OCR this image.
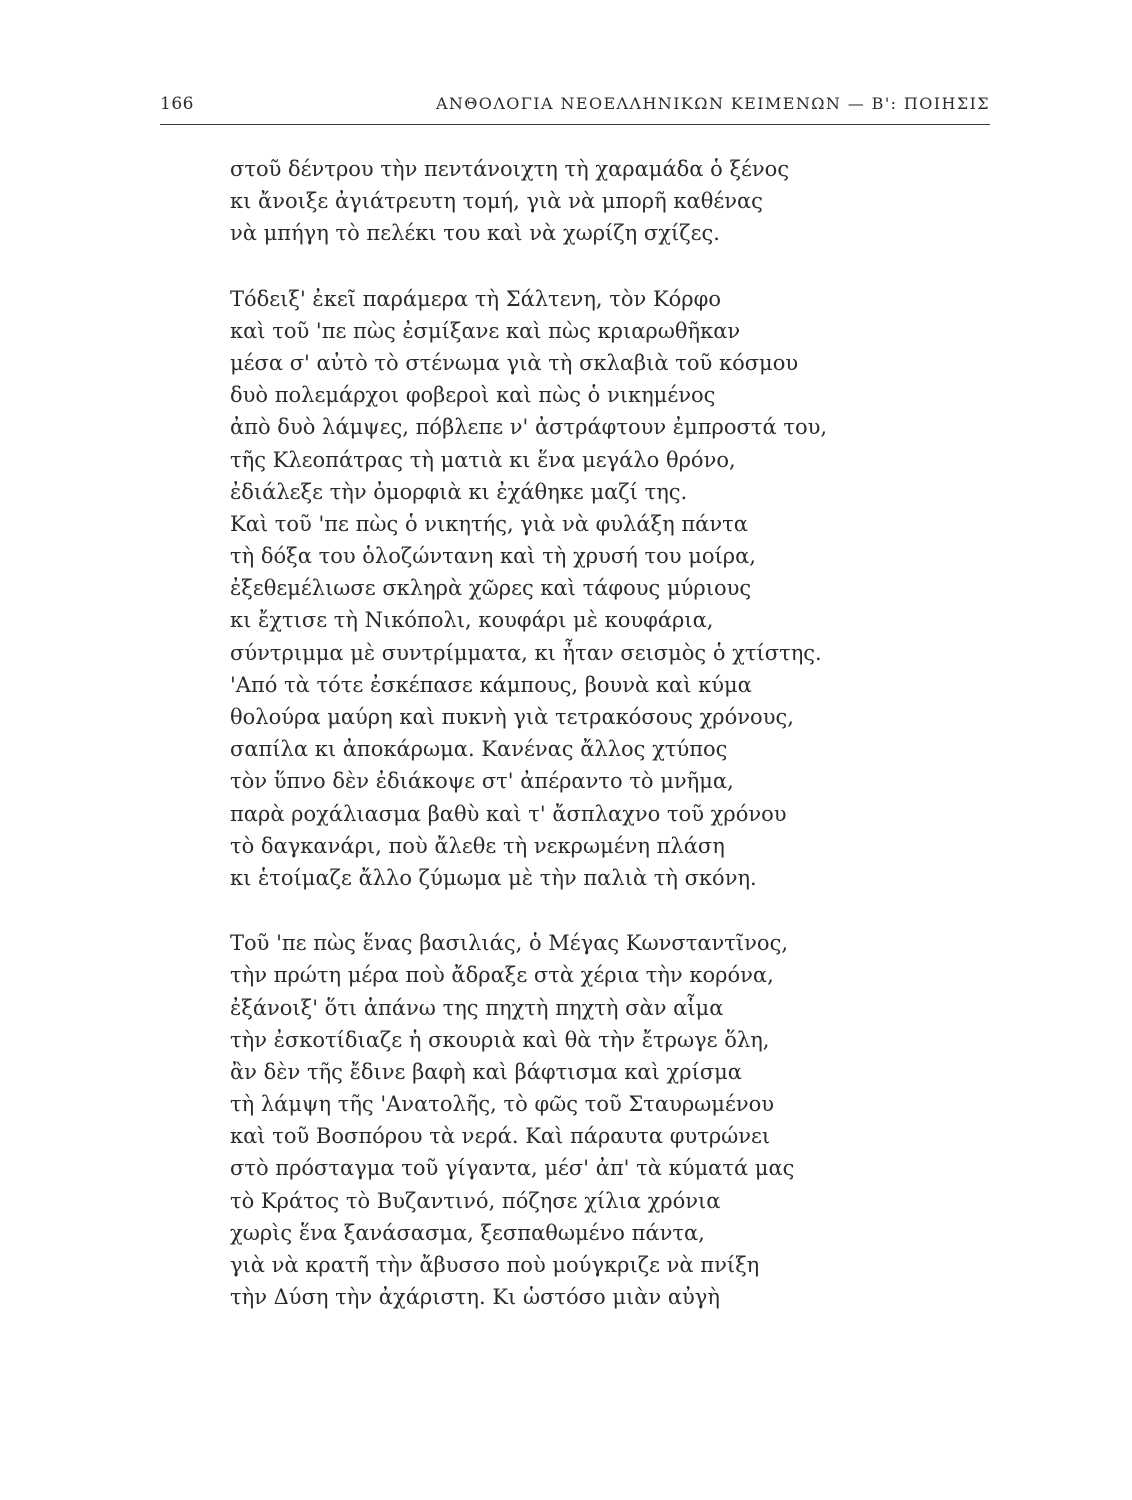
166	ΑΝΘΟΛΟΓΙΑ ΝΕΟΕΛΛΗΝΙΚΩΝ ΚΕΙΜΕΝΩΝ — Β': ΠΟΙΗΣΙΣ
στοῦ δέντρου τὴν πεντάνοιχτη τὴ χαραμάδα ὁ ξένος
κι ἄνοιξε ἀγιάτρευτη τομή, γιὰ νὰ μπορῆ καθένας
νὰ μπήγη τὸ πελέκι του καὶ νὰ χωρίζη σχίζες.
Τόδειξ' ἐκεῖ παράμερα τὴ Σάλτενη, τὸν Κόρφο
καὶ τοῦ 'πε πὼς ἐσμίξανε καὶ πὼς κριαρωθῆκαν
μέσα σ' αὐτὸ τὸ στένωμα γιὰ τὴ σκλαβιὰ τοῦ κόσμου
δυὸ πολεμάρχοι φοβεροὶ καὶ πὼς ὁ νικημένος
ἀπὸ δυὸ λάμψες, πόβλεπε ν' ἀστράφτουν ἐμπροστά του,
τῆς Κλεοπάτρας τὴ ματιὰ κι ἕνα μεγάλο θρόνο,
ἐδιάλεξε τὴν ὀμορφιὰ κι ἐχάθηκε μαζί της.
Καὶ τοῦ 'πε πὼς ὁ νικητής, γιὰ νὰ φυλάξη πάντα
τὴ δόξα του ὁλοζώντανη καὶ τὴ χρυσή του μοίρα,
ἐξεθεμέλιωσε σκληρὰ χῶρες καὶ τάφους μύριους
κι ἔχτισε τὴ Νικόπολι, κουφάρι μὲ κουφάρια,
σύντριμμα μὲ συντρίμματα, κι ἦταν σεισμὸς ὁ χτίστης.
'Από τὰ τότε ἐσκέπασε κάμπους, βουνὰ καὶ κύμα
θολούρα μαύρη καὶ πυκνὴ γιὰ τετρακόσους χρόνους,
σαπίλα κι ἀποκάρωμα. Κανένας ἄλλος χτύπος
τὸν ὕπνο δὲν ἐδιάκοψε στ' ἀπέραντο τὸ μνῆμα,
παρὰ ροχάλιασμα βαθὺ καὶ τ' ἄσπλαχνο τοῦ χρόνου
τὸ δαγκανάρι, ποὺ ἄλεθε τὴ νεκρωμένη πλάση
κι ἑτοίμαζε ἄλλο ζύμωμα μὲ τὴν παλιὰ τὴ σκόνη.
Τοῦ 'πε πὼς ἕνας βασιλιάς, ὁ Μέγας Κωνσταντῖνος,
τὴν πρώτη μέρα ποὺ ἄδραξε στὰ χέρια τὴν κορόνα,
ἐξάνοιξ' ὅτι ἀπάνω της πηχτὴ πηχτὴ σὰν αἷμα
τὴν ἐσκοτίδιαζε ἡ σκουριὰ καὶ θὰ τὴν ἔτρωγε ὅλη,
ἂν δὲν τῆς ἔδινε βαφὴ καὶ βάφτισμα καὶ χρίσμα
τὴ λάμψη τῆς 'Ανατολῆς, τὸ φῶς τοῦ Σταυρωμένου
καὶ τοῦ Βοσπόρου τὰ νερά. Καὶ πάραυτα φυτρώνει
στὸ πρόσταγμα τοῦ γίγαντα, μέσ' ἀπ' τὰ κύματά μας
τὸ Κράτος τὸ Βυζαντινό, πόζησε χίλια χρόνια
χωρὶς ἕνα ξανάσασμα, ξεσπαθωμένο πάντα,
γιὰ νὰ κρατῆ τὴν ἄβυσσο ποὺ μούγκριζε νὰ πνίξη
τὴν Δύση τὴν ἀχάριστη. Κι ὡστόσο μιὰν αὐγὴ
